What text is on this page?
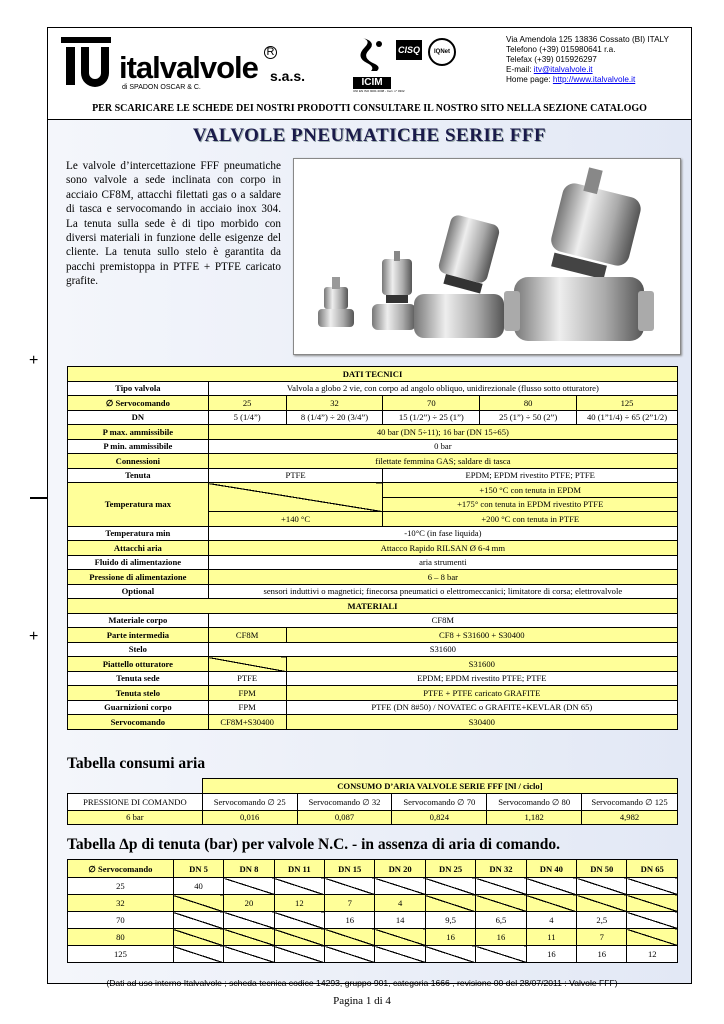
+
+
italvalvole R
s.a.s.
di SPADON OSCAR & C.	ICIM
UNI EN ISO 9001:2008 - Cert. n° 0302
CISQ	IQNet
Via Amendola 125 13836 Cossato (BI) ITALY
Telefono (+39) 015980641 r.a.
Telefax (+39) 015926297
E-mail: itv@italvalvole.it
Home page: http://www.italvalvole.it
PER SCARICARE LE SCHEDE DEI NOSTRI PRODOTTI CONSULTARE IL NOSTRO SITO NELLA SEZIONE CATALOGO
VALVOLE PNEUMATICHE SERIE FFF
Le valvole d’intercettazione FFF pneumatiche sono valvole a sede inclinata con corpo in acciaio CF8M, attacchi filettati gas o a saldare di tasca e servocomando in acciaio inox 304. La tenuta sulla sede è di tipo morbido con diversi materiali in funzione delle esigenze del cliente. La tenuta sullo stelo è garantita da pacchi premistoppa in PTFE + PTFE caricato grafite.
DATI TECNICI					
Tipo valvola	Valvola a globo 2 vie, con corpo ad angolo obliquo, unidirezionale (flusso sotto otturatore)				
∅ Servocomando	25	32	70	80	125
DN	5 (1/4”)	8 (1/4”) ÷ 20 (3/4”)	15 (1/2”) ÷ 25 (1”)	25 (1”) ÷ 50 (2”)	40 (1”1/4) ÷ 65 (2”1/2)
P max. ammissibile	40 bar (DN 5÷11); 16 bar (DN 15÷65)				
P min. ammissibile	0 bar				
Connessioni	filettate femmina GAS; saldare di tasca				
Tenuta	PTFE		EPDM; EPDM rivestito PTFE; PTFE		
Temperatura max			+150 °C con tenuta in EPDM		
			+175° con tenuta in EPDM rivestito PTFE		
	+140 °C		+200 °C con tenuta in PTFE		
Temperatura min	-10°C (in fase liquida)				
Attacchi aria	Attacco Rapido RILSAN Ø 6-4 mm				
Fluido di alimentazione	aria strumenti				
Pressione di alimentazione	6 – 8 bar				
Optional	sensori induttivi o magnetici; finecorsa pneumatici o elettromeccanici; limitatore di corsa; elettrovalvole				
MATERIALI					
Materiale corpo	CF8M				
Parte intermedia	CF8M	CF8 + S31600 + S30400			
Stelo	S31600				
Piattello otturatore		S31600			
Tenuta sede	PTFE	EPDM; EPDM rivestito PTFE; PTFE			
Tenuta stelo	FPM	PTFE + PTFE caricato GRAFITE			
Guarnizioni corpo	FPM	PTFE (DN 8#50) / NOVATEC o GRAFITE+KEVLAR (DN 65)			
Servocomando	CF8M+S30400	S30400			
Tabella consumi aria
	CONSUMO D’ARIA VALVOLE SERIE FFF [Nl / ciclo]				
PRESSIONE DI COMANDO	Servocomando ∅ 25	Servocomando ∅ 32	Servocomando ∅ 70	Servocomando ∅ 80	Servocomando ∅ 125
6 bar	0,016	0,087	0,824	1,182	4,982
Tabella ∆p di tenuta (bar) per valvole N.C. - in assenza di aria di comando.
∅ Servocomando	DN 5	DN 8	DN 11	DN 15	DN 20	DN 25	DN 32	DN 40	DN 50	DN 65
25	40									
32		20	12	7	4					
70				16	14	9,5	6,5	4	2,5	
80						16	16	11	7	
125								16	16	12
(Dati ad uso interno Italvalvole ; scheda tecnica codice 14293, gruppo 901, categoria 1666 , revisione 00 del 28/07/2011 : Valvole FFF)
Pagina 1 di 4
